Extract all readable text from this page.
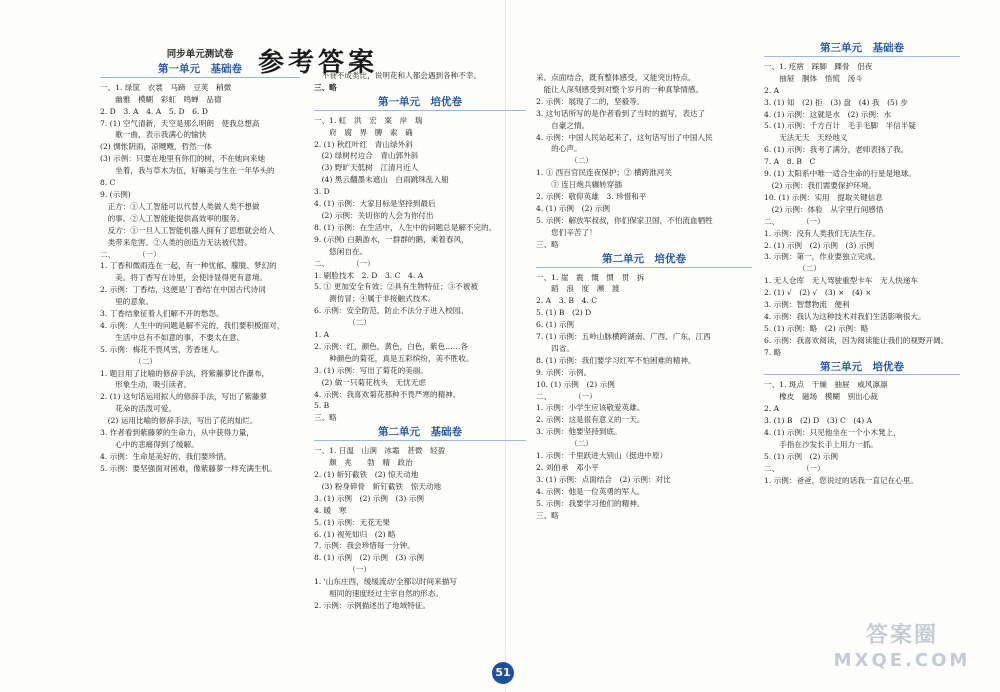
参考答案
同步单元测试卷
第一单元　基础卷

一、1. 绿筐　衣裳　马蹄　豆荚　稍微

　　幽雅　模糊　彩虹　鸣蝉　品德

2. D　3. A　4. A　5. D　6. D

7. (1) 空气清新，天空是那么明朗　使我总想高

　　歌一曲，表示我满心的愉快

(2) 惆怅阴雨，凉飕飕，哲然一体

(3) 示例：只要在地里有你们的树，不在她向来她

　　坐着，我与草木为伍，好嘛美与生在一年华头的

8. C

9. (示例)

　正方：①人工智能可以代替人类做人类不想做

　的事。②人工智能能提供高效率的服务。

　反方：①一旦人工智能机器人拥有了思想就会给人

　类带来危害。②人类的创造力无法被代替。

二、　　　　（一）

1. 丁香和微雨连在一起，有一种忧郁、朦胧、梦幻的

　　美。将丁香写在诗里，会使诗显得更有意境。

2. 示例：丁香结，这便是'丁香结'在中国古代诗词

　　里的意象。

3. 丁香结象征着人们解不开的愁怨。

4. 示例：人生中的问题是解不完的，我们要积极面对，

　　生活中总有不如意的事，不要太在意。

5. 示例：梅花不畏风雪，芳香迷人。

　　　　　（二）

1. 题目用了比喻的修辞手法，将紫藤萝比作瀑布，

　　形象生动，吸引读者。

2. (1) 这句话运用拟人的修辞手法，写出了紫藤萝

　　花朵的活泼可爱。

　(2) 运用比喻的修辞手法，写出了花的灿烂。

3. 作者看到紫藤萝的生命力，从中获得力量，

　　心中的悲痛得到了缓解。

4. 示例：生命是美好的，我们要珍惜。

5. 示例：要坚强面对困难，像紫藤萝一样充满生机。

　不衰不成类比，说明花和人都会遇到各种不幸。

三、略

第一单元　培优卷

一、1. 虹　洪　宏　案　岸　瑞

　　府　腐　界　膊　索　确

2. (1) 秋红叶红　青山绿外斜

　(2) 绿树村边合　青山郭外斜

　(3) 野旷天低树　江清月近人

　(4) 黑云翻墨未遮山　白雨跳珠乱入船

3. D

4. (1) 示例：大家目标是坚持到最后

　(2) 示例：关切你的人会为你付出

8. (1) 示例：在生活中，人生中的问题总是解不完的。

9. (示例) 白鹅游水，一群群的鹅，乘着春风，

　　悠闲自在。

二、　　　　（一）

1. 刷脸技术　2. D　3. C　4. A

5. ① 更加安全有效；②具有生物特征；③不被被

　　测仿冒；④属于非接触式技术。

6. 示例：安全防范，防止不法分子进入校园。

　　　　　（二）

1. A

2. 示例：红，颜色，黄色，白色，紫色……各

　　种颜色的菊花，真是五彩缤纷，美不胜收。

3. (1) 示例：写出了菊花的美丽。

　(2) 做一只菊花枕头　无忧无虑

4. 示例：我喜欢菊花那种不畏严寒的精神。

5. B

三、略

第二单元　基础卷

一、1. 日温　山涧　冰霜　甚微　轻盈

　　颇　兆　　勃　精　政治

2. (1) 斩钉截铁　(2) 惊天动地

　(3) 粉身碎骨　斩钉截铁　惊天动地

3. (1) 示例　(2) 示例　(3) 示例

4. 暖　寒

5. (1) 示例：无花无果

6. (1) 视死如归　(2) 略

7. 示例：我会珍惜每一分钟。

8. (1) 示例　(2) 示例　(3) 示例

　　　　　（一）

1. '山东庄西，缓缓流动'全都以时间来描写

　　相同的速度经过主宰自然的形态。

2. 示例：示例描述出了地域特征。

采。点面结合，既有整体感受，又能突出特点。

　能让人深刻感受到对整个岁月的一种真挚情感。

2. 示例：展现了二的，坚毅等。

3. 这句话所写的是作者看到了当时的描写，表达了

　　自豪之情。

4. 示例：中国人民站起来了，这句话写出了中国人民

　　的心声。

　　　　　（二）

1. ① 西百官民连夜保护；② 横跨淮河关

　　③ 连日炮兵辗转穿插

2. 示例：敬仰英雄　3. 珍惜和平

4. (1) 示例　(2) 示例

5. 示例：解放军叔叔，你们保家卫国，不怕流血牺牲

　　您们辛苦了！

三、略

第二单元　培优卷

一、1. 崖　震　慨　惯　贯　拆

　　蹈　浪　度　濒　渡

2. A　3. B　4. C

5. (1) B　(2) D

6. (1) 示例

7. (1) 示例：五岭山脉横跨湖南、广西、广东、江西

　　四省。

8. (1) 示例：我们要学习红军不怕困难的精神。

9. 示例：示例。

10. (1) 示例　(2) 示例

二、　　　　（一）

1. 示例：小学生应该敬爱英雄。

2. 示例：这是很有意义的一天。

3. 示例：他要坚持到底。

　　　　　（二）

1. 示例：千里跃进大别山（挺进中原）

2. 刘伯承　邓小平

3. (1) 示例：点面结合　(2) 示例：对比

4. 示例：他是一位英勇的军人。

5. 示例：我要学习他们的精神。

三、略

第三单元　基础卷

一、1. 疙瘩　踩脚　踝骨　侣夜

　　抽屉　胴体　悟慌　汤斗

2. A

3. (1) 知　(2) 拒　(3) 盘　(4) 我　(5) 步

4. (1) 示例：这就是水　(2) 示例：水

5. (1) 示例：千方百计　毛手毛脚　半信半疑

　　无法无天　天经地义

6. (1) 示例：我考了满分，老师表扬了我。

7. A　8. B　C

9. (1) 太阳系中唯一适合生命的行星是地球。

　(2) 示例：我们需要保护环境。

10. (1) 示例：实用　提取关键信息

　(2) 示例：体验　从字里行间感悟

二、　　　　（一）

1. 示例：没有人类我们无法生存。

2. (1) 示例　(2) 示例　(3) 示例

3. 示例：第一，作业要独立完成。

　　　　　（二）

1. 无人仓库　无人驾驶重型卡车　无人快递车

2. (1) √　(2) √　(3) ×　(4) ×

3. 示例：智慧物流　便利

4. 示例：我认为这种技术对我们生活影响很大。

5. (1) 示例：略　(2) 示例：略

6. 示例：我喜欢阅读，因为阅读能让我们的视野开阔。

7. 略

第三单元　培优卷

一、1. 斑点　干燥　抽屉　威风凛凛

　　橡皮　磁场　模糊　别出心裁

2. A

3. (1) B　(2) D　(3) C　(4) A

4. (1) 示例：只见他坐在一个小木凳上，

　　手指在沙发长手上用力一抓。

5. (1) 示例　(2) 示例

二、　　　　（一）

1. 示例：爸爸，您说过的话我一直记在心里。

51
答案圈
MXQE.COM
